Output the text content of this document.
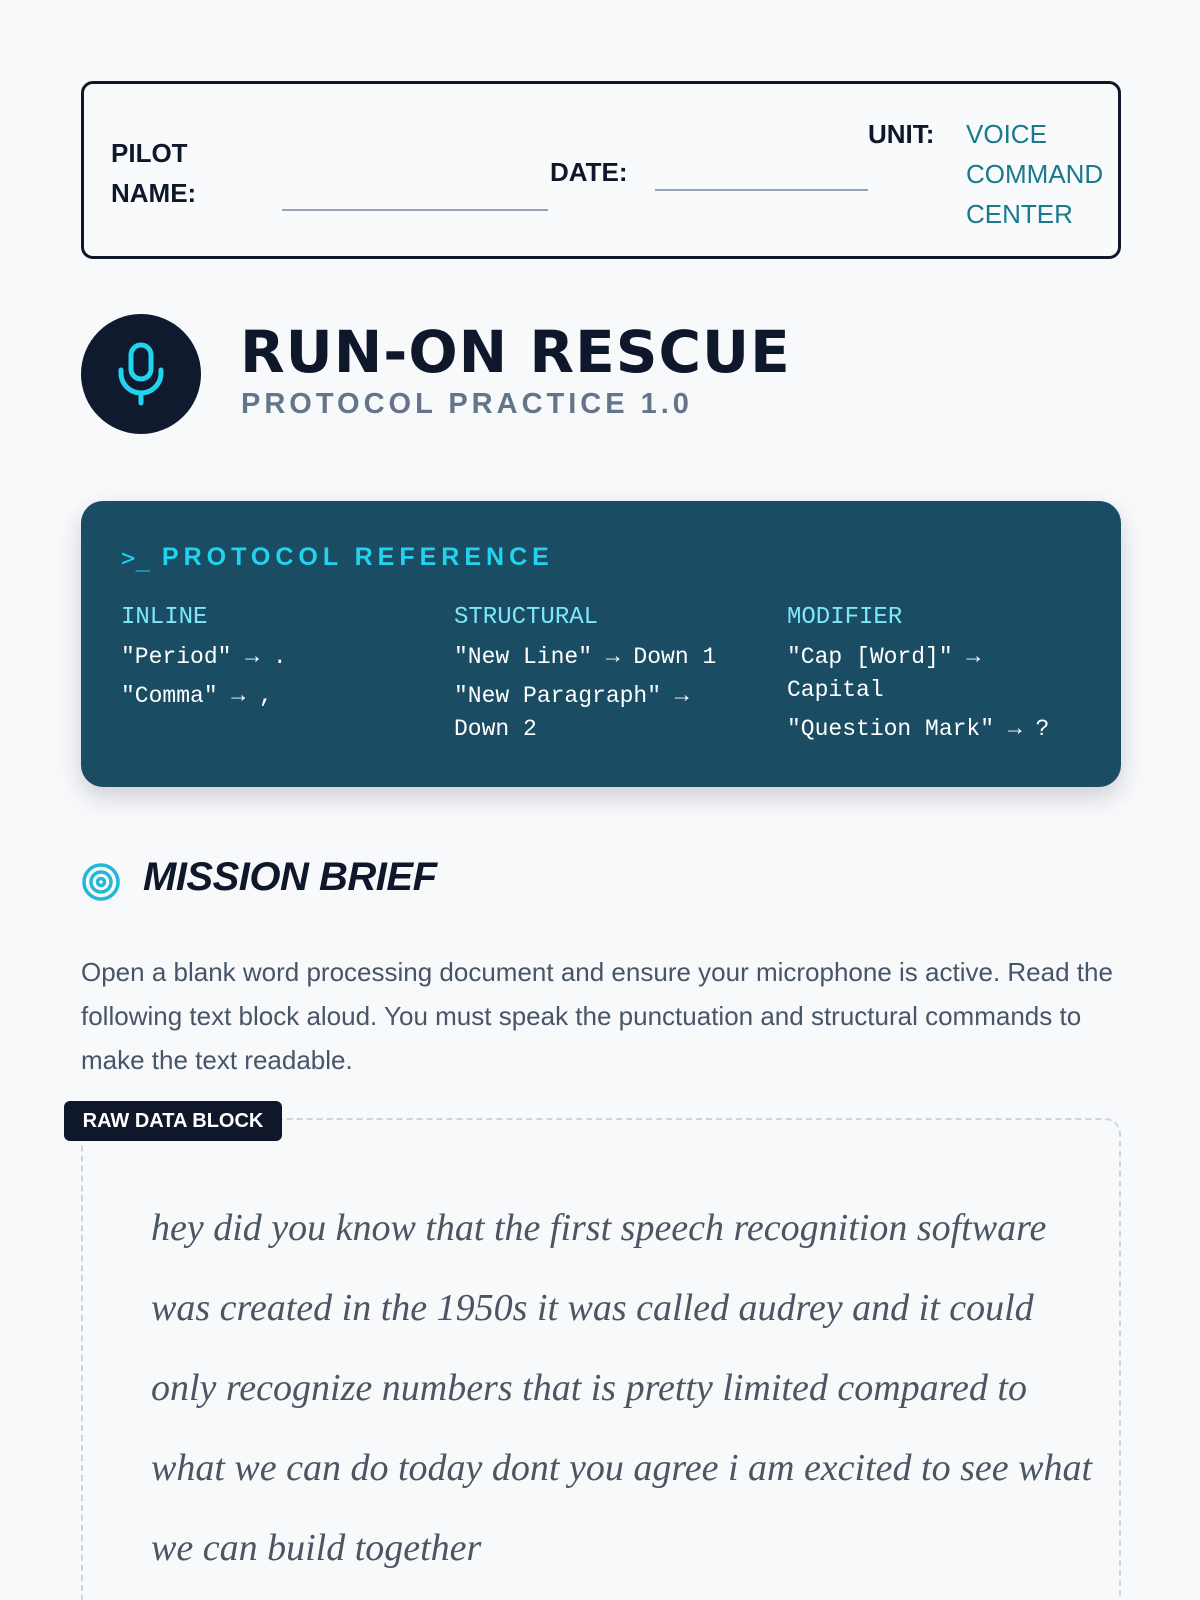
PILOT NAME:
DATE:
UNIT: VOICE COMMAND CENTER
RUN-ON RESCUE
PROTOCOL PRACTICE 1.0
>_ PROTOCOL REFERENCE
INLINE
"Period" → .
"Comma" → ,
STRUCTURAL
"New Line" → Down 1
"New Paragraph" → Down 2
MODIFIER
"Cap [Word]" → Capital
"Question Mark" → ?
MISSION BRIEF
Open a blank word processing document and ensure your microphone is active. Read the following text block aloud. You must speak the punctuation and structural commands to make the text readable.
RAW DATA BLOCK
hey did you know that the first speech recognition software was created in the 1950s it was called audrey and it could only recognize numbers that is pretty limited compared to what we can do today dont you agree i am excited to see what we can build together
